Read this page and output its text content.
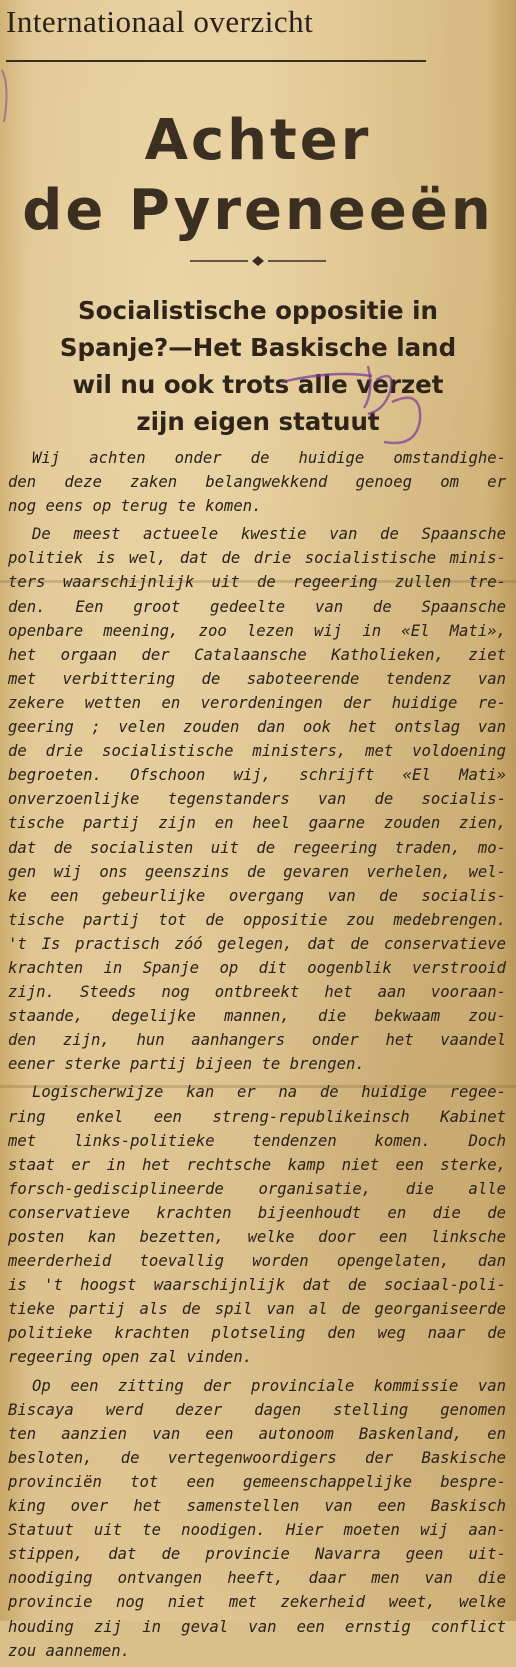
Internationaal overzicht
Achter
de Pyreneeën
Socialistische oppositie in
Spanje?—Het Baskische land
wil nu ook trots alle verzet
zijn eigen statuut

Wij achten onder de huidige omstandighe-
den deze zaken belangwekkend genoeg om er
nog eens op terug te komen.

De meest actueele kwestie van de Spaansche
politiek is wel, dat de drie socialistische minis-
ters waarschijnlijk uit de regeering zullen tre-
den. Een groot gedeelte van de Spaansche
openbare meening, zoo lezen wij in «El Mati»,
het orgaan der Catalaansche Katholieken, ziet
met verbittering de saboteerende tendenz van
zekere wetten en verordeningen der huidige re-
geering ; velen zouden dan ook het ontslag van
de drie socialistische ministers, met voldoening
begroeten. Ofschoon wij, schrijft «El Mati»
onverzoenlijke tegenstanders van de socialis-
tische partij zijn en heel gaarne zouden zien,
dat de socialisten uit de regeering traden, mo-
gen wij ons geenszins de gevaren verhelen, wel-
ke een gebeurlijke overgang van de socialis-
tische partij tot de oppositie zou medebrengen.
't Is practisch zóó gelegen, dat de conservatieve
krachten in Spanje op dit oogenblik verstrooid
zijn. Steeds nog ontbreekt het aan vooraan-
staande, degelijke mannen, die bekwaam zou-
den zijn, hun aanhangers onder het vaandel
eener sterke partij bijeen te brengen.

Logischerwijze kan er na de huidige regee-
ring enkel een streng-republikeinsch Kabinet
met links-politieke tendenzen komen. Doch
staat er in het rechtsche kamp niet een sterke,
forsch-gedisciplineerde organisatie, die alle
conservatieve krachten bijeenhoudt en die de
posten kan bezetten, welke door een linksche
meerderheid toevallig worden opengelaten, dan
is 't hoogst waarschijnlijk dat de sociaal-poli-
tieke partij als de spil van al de georganiseerde
politieke krachten plotseling den weg naar de
regeering open zal vinden.

Op een zitting der provinciale kommissie van
Biscaya werd dezer dagen stelling genomen
ten aanzien van een autonoom Baskenland, en
besloten, de vertegenwoordigers der Baskische
provinciën tot een gemeenschappelijke bespre-
king over het samenstellen van een Baskisch
Statuut uit te noodigen. Hier moeten wij aan-
stippen, dat de provincie Navarra geen uit-
noodiging ontvangen heeft, daar men van die
provincie nog niet met zekerheid weet, welke
houding zij in geval van een ernstig conflict
zou aannemen.
